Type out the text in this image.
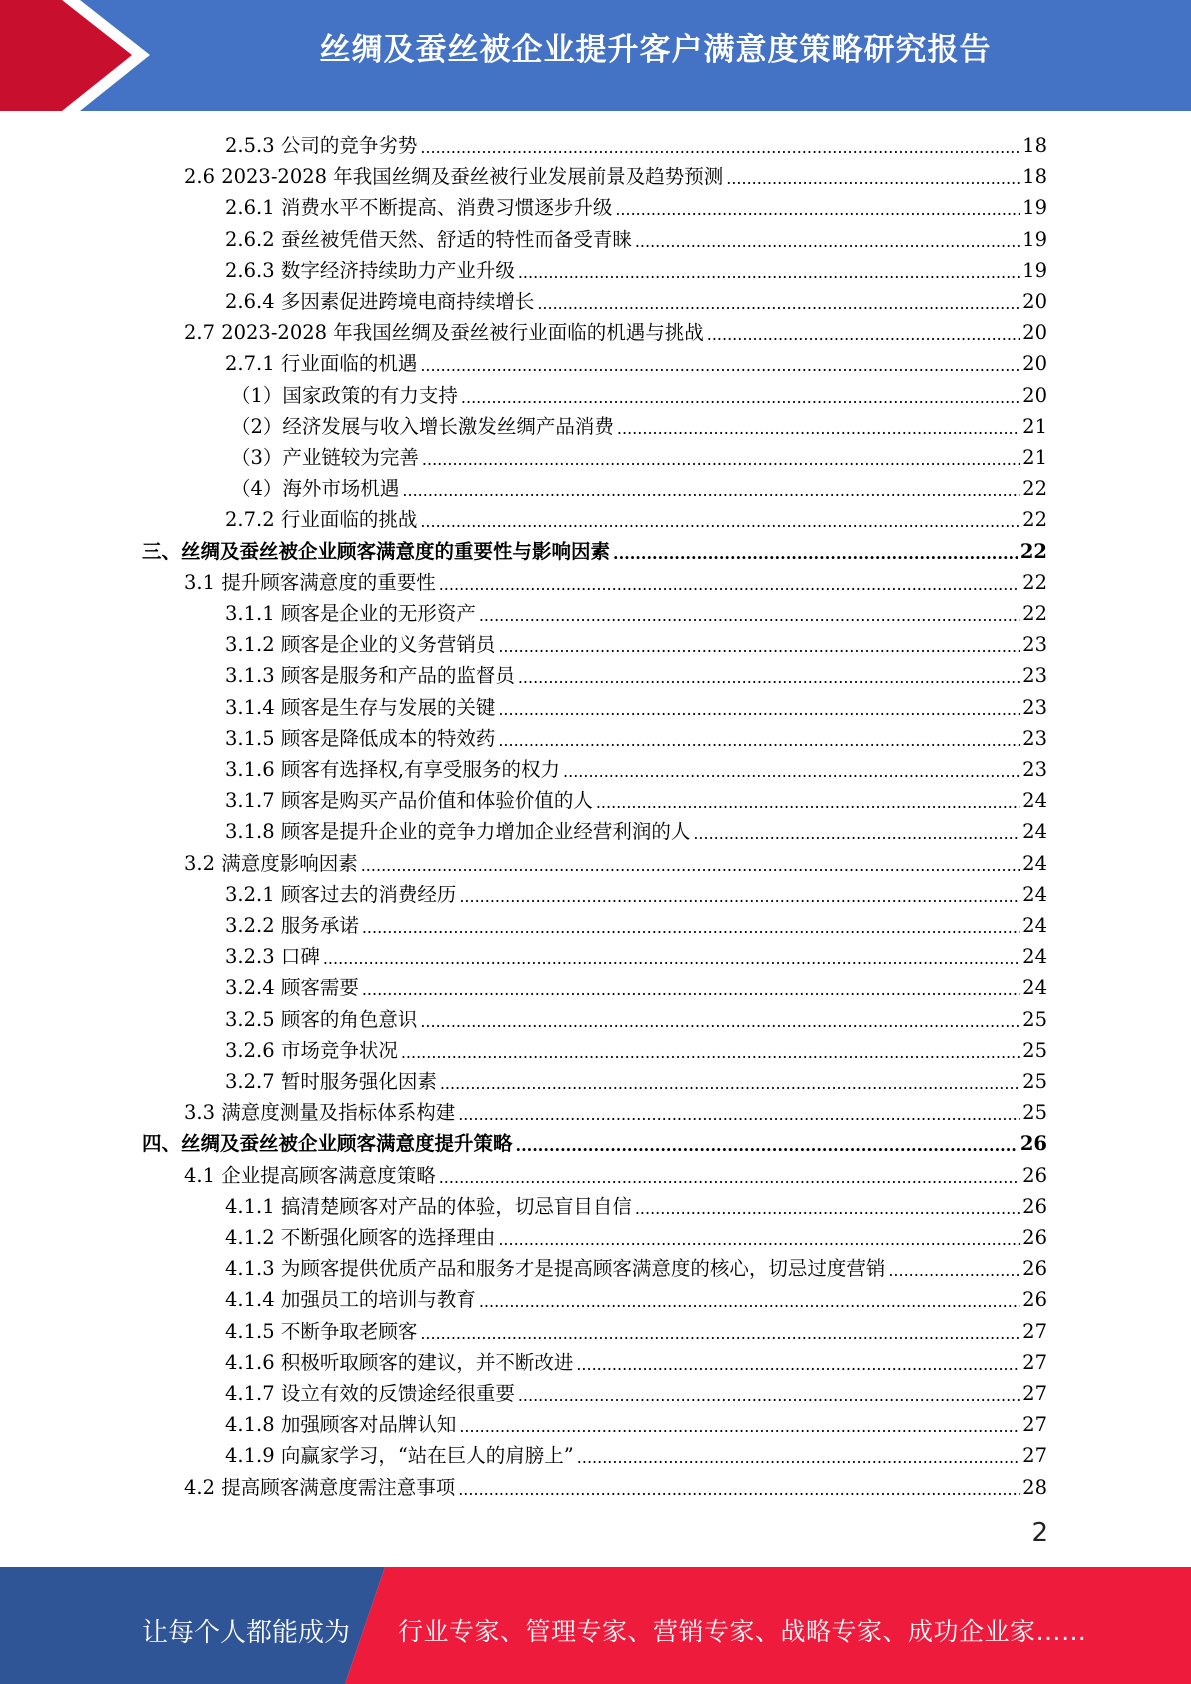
丝绸及蚕丝被企业提升客户满意度策略研究报告
2.5.3 公司的竞争劣势 .....	18
2.6 2023-2028 年我国丝绸及蚕丝被行业发展前景及趋势预测 .....	18
2.6.1 消费水平不断提高、消费习惯逐步升级 .....	19
2.6.2 蚕丝被凭借天然、舒适的特性而备受青睐 .....	19
2.6.3 数字经济持续助力产业升级 .....	19
2.6.4 多因素促进跨境电商持续增长 .....	20
2.7 2023-2028 年我国丝绸及蚕丝被行业面临的机遇与挑战 .....	20
2.7.1 行业面临的机遇 .....	20
（1）国家政策的有力支持 .....	20
（2）经济发展与收入增长激发丝绸产品消费 .....	21
（3）产业链较为完善 .....	21
（4）海外市场机遇 .....	22
2.7.2 行业面临的挑战 .....	22
三、丝绸及蚕丝被企业顾客满意度的重要性与影响因素 .....	22
3.1 提升顾客满意度的重要性 .....	22
3.1.1 顾客是企业的无形资产 .....	22
3.1.2 顾客是企业的义务营销员 .....	23
3.1.3 顾客是服务和产品的监督员 .....	23
3.1.4 顾客是生存与发展的关键 .....	23
3.1.5 顾客是降低成本的特效药 .....	23
3.1.6 顾客有选择权,有享受服务的权力 .....	23
3.1.7 顾客是购买产品价值和体验价值的人 .....	24
3.1.8 顾客是提升企业的竞争力增加企业经营利润的人 .....	24
3.2 满意度影响因素 .....	24
3.2.1 顾客过去的消费经历 .....	24
3.2.2 服务承诺 .....	24
3.2.3 口碑 .....	24
3.2.4 顾客需要 .....	24
3.2.5 顾客的角色意识 .....	25
3.2.6 市场竞争状况 .....	25
3.2.7 暂时服务强化因素 .....	25
3.3 满意度测量及指标体系构建 .....	25
四、丝绸及蚕丝被企业顾客满意度提升策略 .....	26
4.1 企业提高顾客满意度策略 .....	26
4.1.1 搞清楚顾客对产品的体验，切忌盲目自信 .....	26
4.1.2 不断强化顾客的选择理由 .....	26
4.1.3 为顾客提供优质产品和服务才是提高顾客满意度的核心，切忌过度营销 .....	26
4.1.4 加强员工的培训与教育 .....	26
4.1.5 不断争取老顾客 .....	27
4.1.6 积极听取顾客的建议，并不断改进 .....	27
4.1.7 设立有效的反馈途经很重要 .....	27
4.1.8 加强顾客对品牌认知 .....	27
4.1.9 向赢家学习，“站在巨人的肩膀上” .....	27
4.2 提高顾客满意度需注意事项 .....	28
2
让每个人都能成为 行业专家、管理专家、营销专家、战略专家、成功企业家……
